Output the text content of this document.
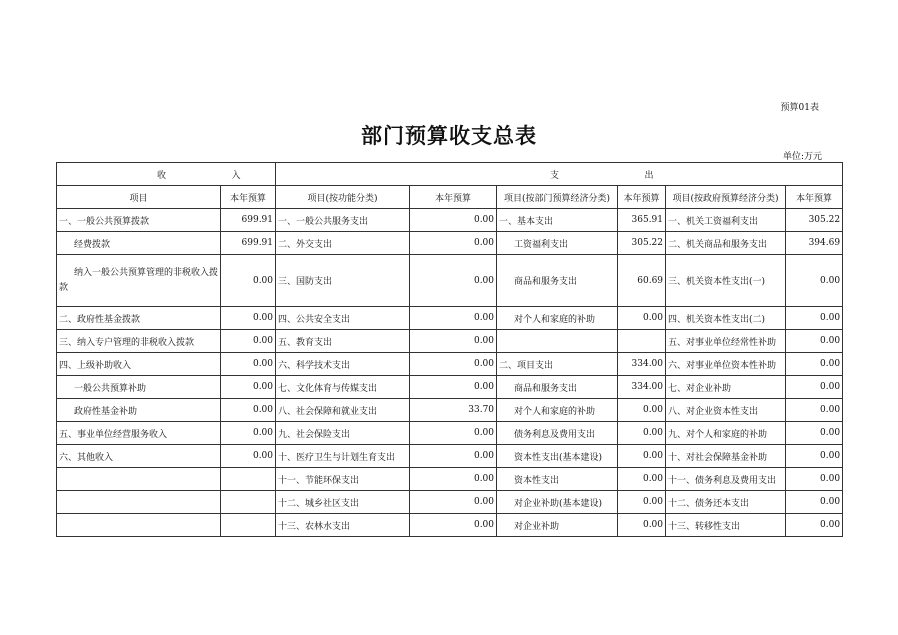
预算01表
部门预算收支总表
单位:万元
收 入		支 出					
项目	本年预算	项目(按功能分类)	本年预算	项目(按部门预算经济分类)	本年预算	项目(按政府预算经济分类)	本年预算
一、一般公共预算拨款	699.91	一、一般公共服务支出	0.00	一、基本支出	365.91	一、机关工资福利支出	305.22
经费拨款	699.91	二、外交支出	0.00	工资福利支出	305.22	二、机关商品和服务支出	394.69
纳入一般公共预算管理的非税收入拨款	0.00	三、国防支出	0.00	商品和服务支出	60.69	三、机关资本性支出(一)	0.00
二、政府性基金拨款	0.00	四、公共安全支出	0.00	对个人和家庭的补助	0.00	四、机关资本性支出(二)	0.00
三、纳入专户管理的非税收入拨款	0.00	五、教育支出	0.00			五、对事业单位经常性补助	0.00
四、上级补助收入	0.00	六、科学技术支出	0.00	二、项目支出	334.00	六、对事业单位资本性补助	0.00
一般公共预算补助	0.00	七、文化体育与传媒支出	0.00	商品和服务支出	334.00	七、对企业补助	0.00
政府性基金补助	0.00	八、社会保障和就业支出	33.70	对个人和家庭的补助	0.00	八、对企业资本性支出	0.00
五、事业单位经营服务收入	0.00	九、社会保险支出	0.00	债务利息及费用支出	0.00	九、对个人和家庭的补助	0.00
六、其他收入	0.00	十、医疗卫生与计划生育支出	0.00	资本性支出(基本建设)	0.00	十、对社会保障基金补助	0.00
		十一、节能环保支出	0.00	资本性支出	0.00	十一、债务利息及费用支出	0.00
		十二、城乡社区支出	0.00	对企业补助(基本建设)	0.00	十二、债务还本支出	0.00
		十三、农林水支出	0.00	对企业补助	0.00	十三、转移性支出	0.00
